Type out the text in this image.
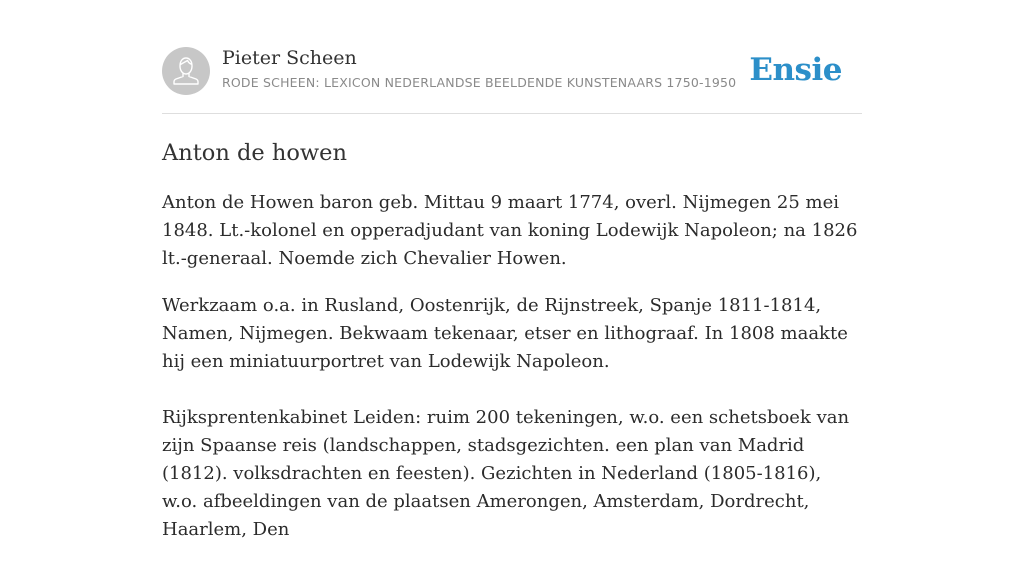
Pieter Scheen
RODE SCHEEN: LEXICON NEDERLANDSE BEELDENDE KUNSTENAARS 1750-1950 Ensie
Anton de howen

Anton de Howen baron geb. Mittau 9 maart 1774, overl. Nijmegen 25 mei 1848. Lt.-kolonel en opperadjudant van koning Lodewijk Napoleon; na 1826 lt.-generaal. Noemde zich Chevalier Howen.

Werkzaam o.a. in Rusland, Oostenrijk, de Rijnstreek, Spanje 1811-1814, Namen, Nijmegen. Bekwaam tekenaar, etser en lithograaf. In 1808 maakte hij een miniatuurportret van Lodewijk Napoleon.

Rijksprentenkabinet Leiden: ruim 200 tekeningen, w.o. een schetsboek van zijn Spaanse reis (landschappen, stadsgezichten. een plan van Madrid (1812). volksdrachten en feesten). Gezichten in Nederland (1805-1816), w.o. afbeeldingen van de plaatsen Amerongen, Amsterdam, Dordrecht, Haarlem, Den
